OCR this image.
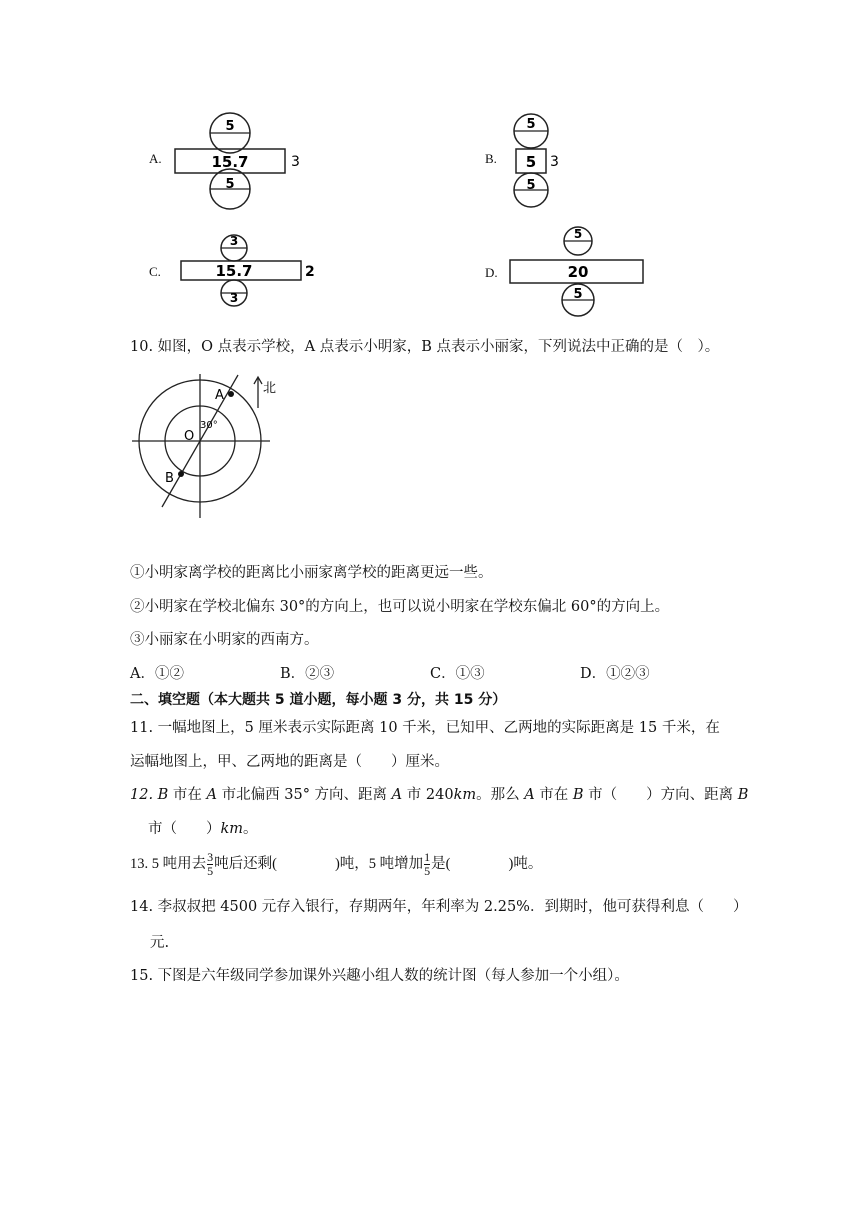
A.
5
15.7	3
5
B.
5
5 3
5
C.
3
15.7	2
3
D.
5
20
5
10. 如图，O 点表示学校，A 点表示小明家，B 点表示小丽家，下列说法中正确的是（　）。
北
A
30°
O
B
①小明家离学校的距离比小丽家离学校的距离更远一些。
②小明家在学校北偏东 30°的方向上，也可以说小明家在学校东偏北 60°的方向上。
③小丽家在小明家的西南方。
A．①②	B．②③	C．①③	D．①②③
二、填空题（本大题共 5 道小题，每小题 3 分，共 15 分）
11. 一幅地图上，5 厘米表示实际距离 10 千米，已知甲、乙两地的实际距离是 15 千米，在
运幅地图上，甲、乙两地的距离是（　　）厘米。
12. B 市在 A 市北偏西 35° 方向、距离 A 市 240km。那么 A 市在 B 市（　　）方向、距离 B
市（　　）km。
13. 5 吨用去 $\frac{3}{5}$ 吨后还剩(　　　　)吨，5 吨增加 $\frac{1}{5}$ 是(　　　　)吨。
14. 李叔叔把 4500 元存入银行，存期两年，年利率为 2.25%．到期时，他可获得利息（　　）
元.
15. 下图是六年级同学参加课外兴趣小组人数的统计图（每人参加一个小组）。
